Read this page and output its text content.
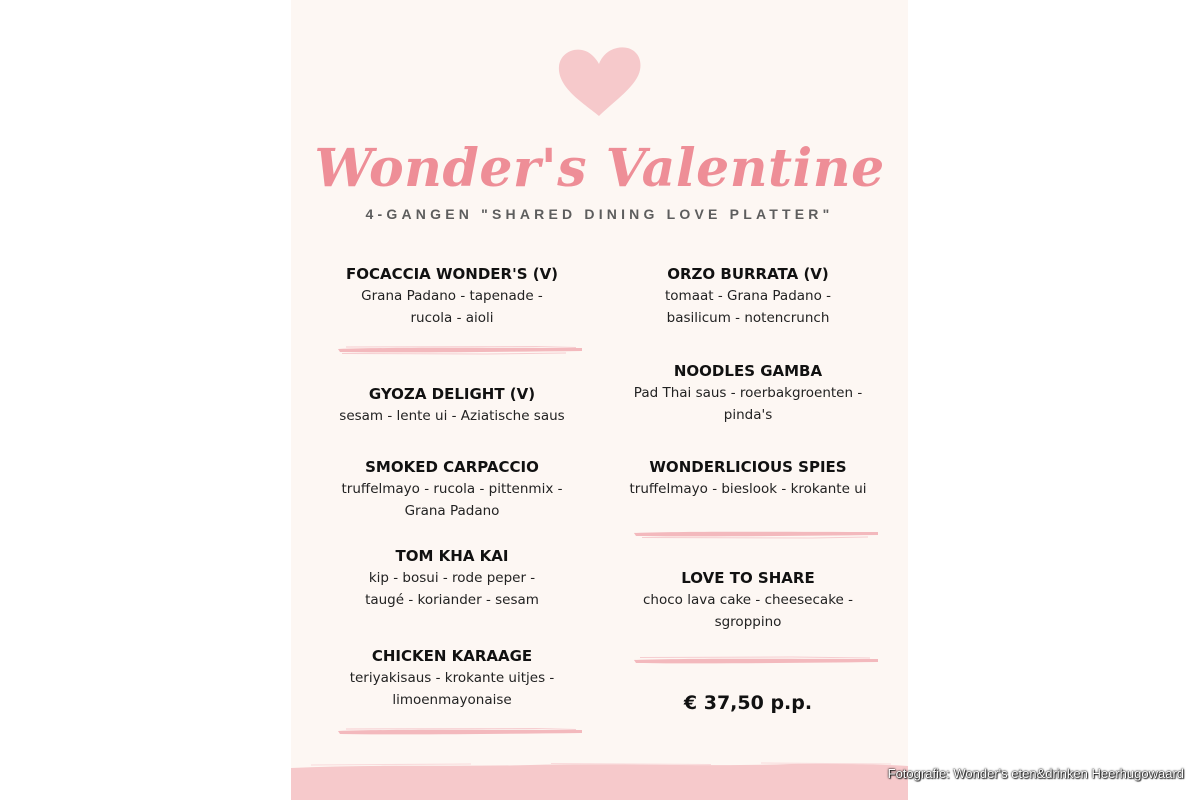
Wonder's Valentine

4-GANGEN "SHARED DINING LOVE PLATTER"

FOCACCIA WONDER'S (V)

Grana Padano - tapenade -
rucola - aioli

GYOZA DELIGHT (V)

sesam - lente ui - Aziatische saus

SMOKED CARPACCIO

truffelmayo - rucola - pittenmix -
Grana Padano

TOM KHA KAI

kip - bosui - rode peper -
taugé - koriander - sesam

CHICKEN KARAAGE

teriyakisaus - krokante uitjes -
limoenmayonaise

ORZO BURRATA (V)

tomaat - Grana Padano -
basilicum - notencrunch

NOODLES GAMBA

Pad Thai saus - roerbakgroenten -
pinda's

WONDERLICIOUS SPIES

truffelmayo - bieslook - krokante ui

LOVE TO SHARE

choco lava cake - cheesecake -
sgroppino

€ 37,50 p.p.

Fotografie: Wonder's eten&drinken Heerhugowaard
